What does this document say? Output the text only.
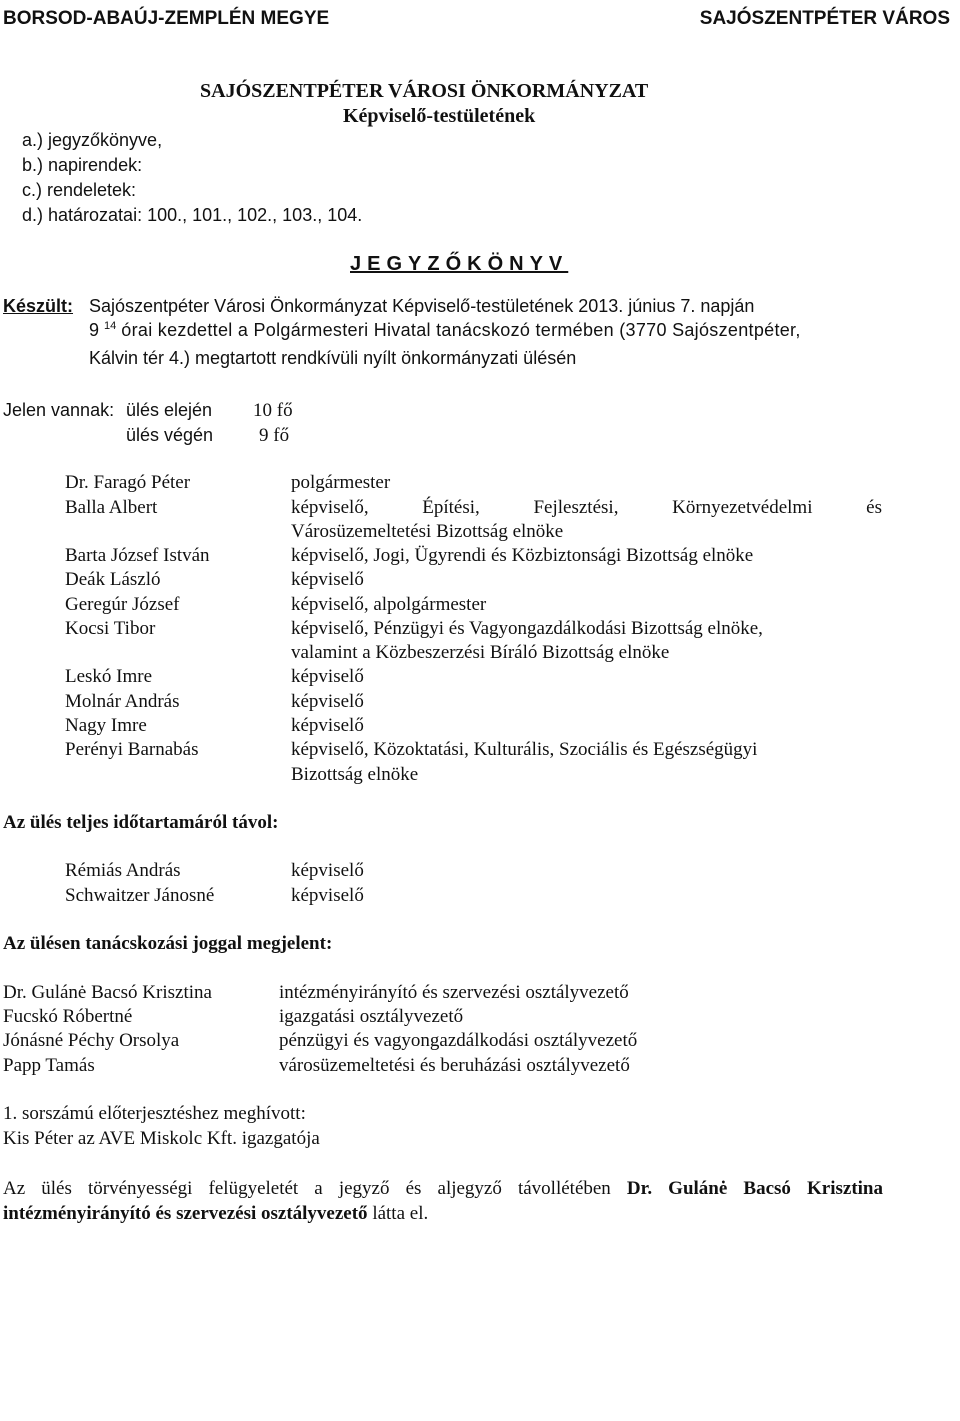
BORSOD-ABAÚJ-ZEMPLÉN MEGYE	SAJÓSZENTPÉTER VÁROS
SAJÓSZENTPÉTER VÁROSI ÖNKORMÁNYZAT
Képviselő-testületének
a.) jegyzőkönyve,
b.) napirendek:
c.) rendeletek:
d.) határozatai: 100., 101., 102., 103., 104.
JEGYZŐKÖNYV
Készült: Sajószentpéter Városi Önkormányzat Képviselő-testületének 2013. június 7. napján
9 $^{14}$ órai kezdettel a Polgármesteri Hivatal tanácskozó termében (3770 Sajószentpéter,
Kálvin tér 4.) megtartott rendkívüli nyílt önkormányzati ülésén
Jelen vannak: ülés elején 10 fő
ülés végén 9 fő
Dr. Faragó Péter	polgármester
Balla Albert	képviselő, Építési, Fejlesztési, Környezetvédelmi és
Városüzemeltetési Bizottság elnöke
Barta József István	képviselő, Jogi, Ügyrendi és Közbiztonsági Bizottság elnöke
Deák László	képviselő
Geregúr József	képviselő, alpolgármester
Kocsi Tibor	képviselő, Pénzügyi és Vagyongazdálkodási Bizottság elnöke,
valamint a Közbeszerzési Bíráló Bizottság elnöke
Leskó Imre	képviselő
Molnár András	képviselő
Nagy Imre	képviselő
Perényi Barnabás	képviselő, Közoktatási, Kulturális, Szociális és Egészségügyi
Bizottság elnöke
Az ülés teljes időtartamáról távol:
Rémiás András	képviselő
Schwaitzer Jánosné	képviselő
Az ülésen tanácskozási joggal megjelent:
Dr. Gulánė Bacsó Krisztina	intézményirányító és szervezési osztályvezető
Fucskó Róbertné	igazgatási osztályvezető
Jónásné Péchy Orsolya	pénzügyi és vagyongazdálkodási osztályvezető
Papp Tamás	városüzemeltetési és beruházási osztályvezető
1. sorszámú előterjesztéshez meghívott:
Kis Péter az AVE Miskolc Kft. igazgatója
Az ülés törvényességi felügyeletét a jegyző és aljegyző távollétében Dr. Gulánė Bacsó Krisztina intézményirányító és szervezési osztályvezető látta el.
